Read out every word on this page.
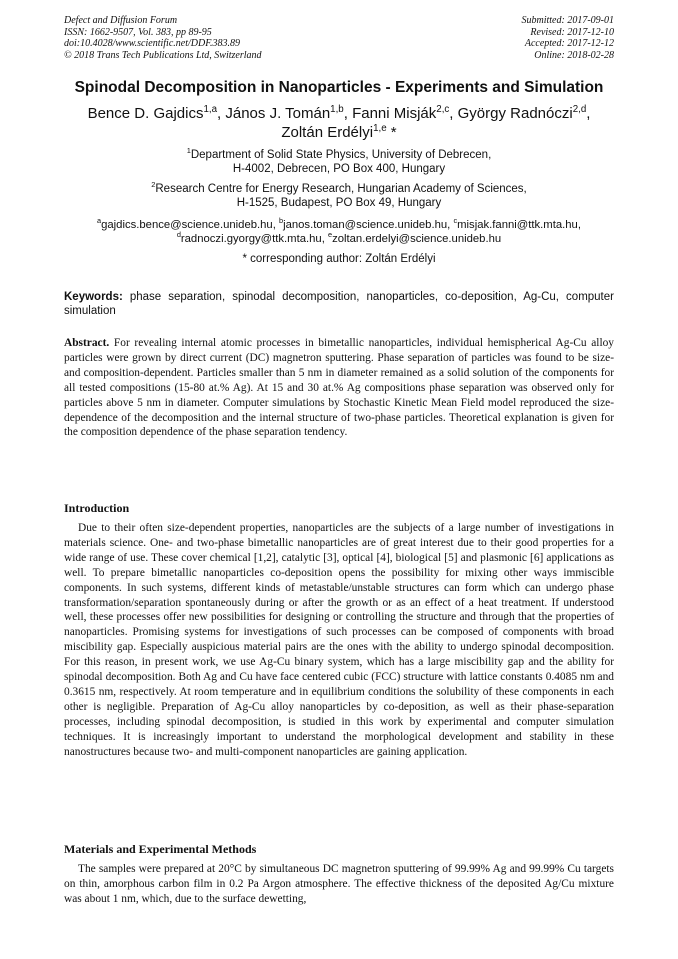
Defect and Diffusion Forum
ISSN: 1662-9507, Vol. 383, pp 89-95
doi:10.4028/www.scientific.net/DDF.383.89
© 2018 Trans Tech Publications Ltd, Switzerland
Submitted: 2017-09-01
Revised: 2017-12-10
Accepted: 2017-12-12
Online: 2018-02-28
Spinodal Decomposition in Nanoparticles - Experiments and Simulation
Bence D. Gajdics$^{1,a}$, János J. Tomán$^{1,b}$, Fanni Misják$^{2,c}$, György Radnóczi$^{2,d}$,
Zoltán Erdélyi$^{1,e}$ *
$^1$Department of Solid State Physics, University of Debrecen,
H-4002, Debrecen, PO Box 400, Hungary
$^2$Research Centre for Energy Research, Hungarian Academy of Sciences,
H-1525, Budapest, PO Box 49, Hungary
$^a$gajdics.bence@science.unideb.hu, $^b$janos.toman@science.unideb.hu, $^c$misjak.fanni@ttk.mta.hu,
$^d$radnoczi.gyorgy@ttk.mta.hu, $^e$zoltan.erdelyi@science.unideb.hu
* corresponding author: Zoltán Erdélyi
Keywords: phase separation, spinodal decomposition, nanoparticles, co-deposition, Ag-Cu, computer simulation

Abstract. For revealing internal atomic processes in bimetallic nanoparticles, individual hemispherical Ag-Cu alloy particles were grown by direct current (DC) magnetron sputtering. Phase separation of particles was found to be size- and composition-dependent. Particles smaller than 5 nm in diameter remained as a solid solution of the components for all tested compositions (15-80 at.% Ag). At 15 and 30 at.% Ag compositions phase separation was observed only for particles above 5 nm in diameter. Computer simulations by Stochastic Kinetic Mean Field model reproduced the size-dependence of the decomposition and the internal structure of two-phase particles. Theoretical explanation is given for the composition dependence of the phase separation tendency.

Introduction

Due to their often size-dependent properties, nanoparticles are the subjects of a large number of investigations in materials science. One- and two-phase bimetallic nanoparticles are of great interest due to their good properties for a wide range of use. These cover chemical [1,2], catalytic [3], optical [4], biological [5] and plasmonic [6] applications as well. To prepare bimetallic nanoparticles co-deposition opens the possibility for mixing other ways immiscible components. In such systems, different kinds of metastable/unstable structures can form which can undergo phase transformation/separation spontaneously during or after the growth or as an effect of a heat treatment. If understood well, these processes offer new possibilities for designing or controlling the structure and through that the properties of nanoparticles. Promising systems for investigations of such processes can be composed of components with broad miscibility gap. Especially auspicious material pairs are the ones with the ability to undergo spinodal decomposition. For this reason, in present work, we use Ag-Cu binary system, which has a large miscibility gap and the ability for spinodal decomposition. Both Ag and Cu have face centered cubic (FCC) structure with lattice constants 0.4085 nm and 0.3615 nm, respectively. At room temperature and in equilibrium conditions the solubility of these components in each other is negligible. Preparation of Ag-Cu alloy nanoparticles by co-deposition, as well as their phase-separation processes, including spinodal decomposition, is studied in this work by experimental and computer simulation techniques. It is increasingly important to understand the morphological development and stability in these nanostructures because two- and multi-component nanoparticles are gaining application.

Materials and Experimental Methods

The samples were prepared at 20°C by simultaneous DC magnetron sputtering of 99.99% Ag and 99.99% Cu targets on thin, amorphous carbon film in 0.2 Pa Argon atmosphere. The effective thickness of the deposited Ag/Cu mixture was about 1 nm, which, due to the surface dewetting,
